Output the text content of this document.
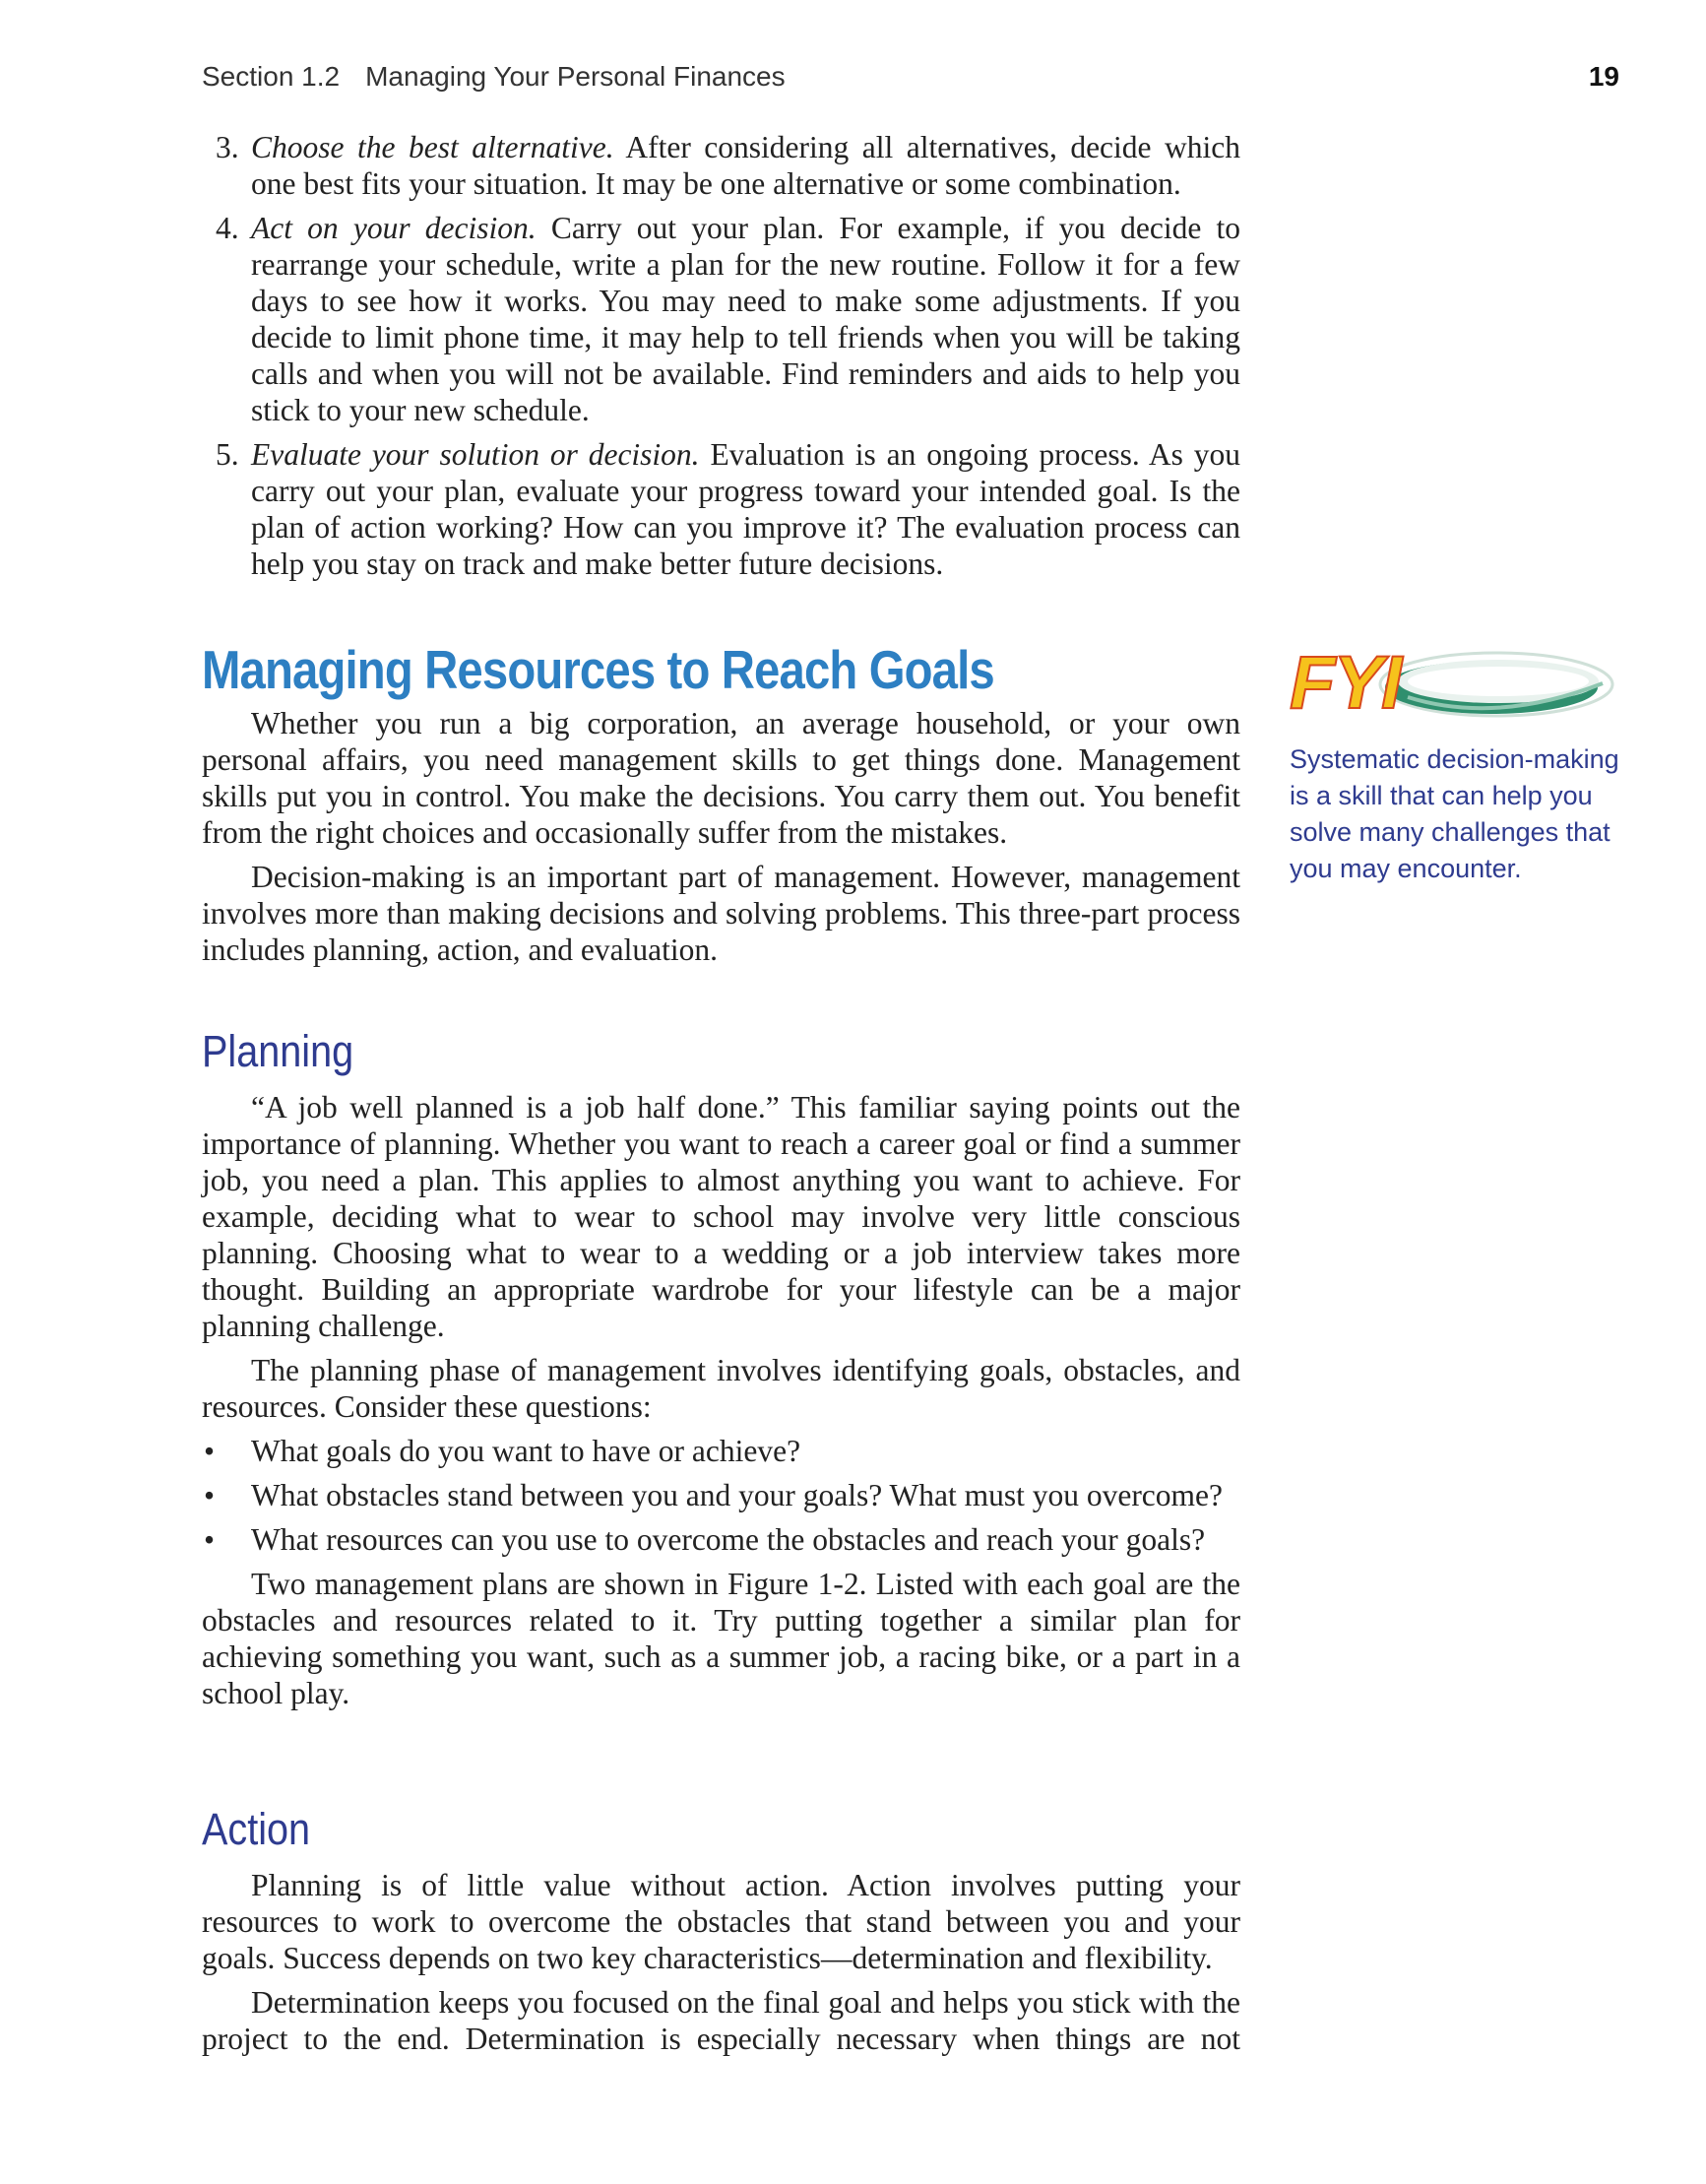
Section 1.2 Managing Your Personal Finances	19
3. Choose the best alternative. After considering all alternatives, decide which one best fits your situation. It may be one alternative or some combination.
4. Act on your decision. Carry out your plan. For example, if you decide to rearrange your schedule, write a plan for the new routine. Follow it for a few days to see how it works. You may need to make some adjustments. If you decide to limit phone time, it may help to tell friends when you will be taking calls and when you will not be available. Find reminders and aids to help you stick to your new schedule.
5. Evaluate your solution or decision. Evaluation is an ongoing process. As you carry out your plan, evaluate your progress toward your intended goal. Is the plan of action working? How can you improve it? The evaluation process can help you stay on track and make better future decisions.
Managing Resources to Reach Goals

Whether you run a big corporation, an average household, or your own personal affairs, you need management skills to get things done. Management skills put you in control. You make the decisions. You carry them out. You benefit from the right choices and occasionally suffer from the mistakes.

Decision-making is an important part of management. However, management involves more than making decisions and solving problems. This three-part process includes planning, action, and evaluation.

FYI
Systematic decision-making is a skill that can help you solve many challenges that you may encounter.
Planning

“A job well planned is a job half done.” This familiar saying points out the importance of planning. Whether you want to reach a career goal or find a summer job, you need a plan. This applies to almost anything you want to achieve. For example, deciding what to wear to school may involve very little conscious planning. Choosing what to wear to a wedding or a job interview takes more thought. Building an appropriate wardrobe for your lifestyle can be a major planning challenge.

The planning phase of management involves identifying goals, obstacles, and resources. Consider these questions:

• What goals do you want to have or achieve?
• What obstacles stand between you and your goals? What must you overcome?
• What resources can you use to overcome the obstacles and reach your goals?

Two management plans are shown in Figure 1-2. Listed with each goal are the obstacles and resources related to it. Try putting together a similar plan for achieving something you want, such as a summer job, a racing bike, or a part in a school play.

Action

Planning is of little value without action. Action involves putting your resources to work to overcome the obstacles that stand between you and your goals. Success depends on two key characteristics—determination and flexibility.

Determination keeps you focused on the final goal and helps you stick with the project to the end. Determination is especially necessary when things are not
